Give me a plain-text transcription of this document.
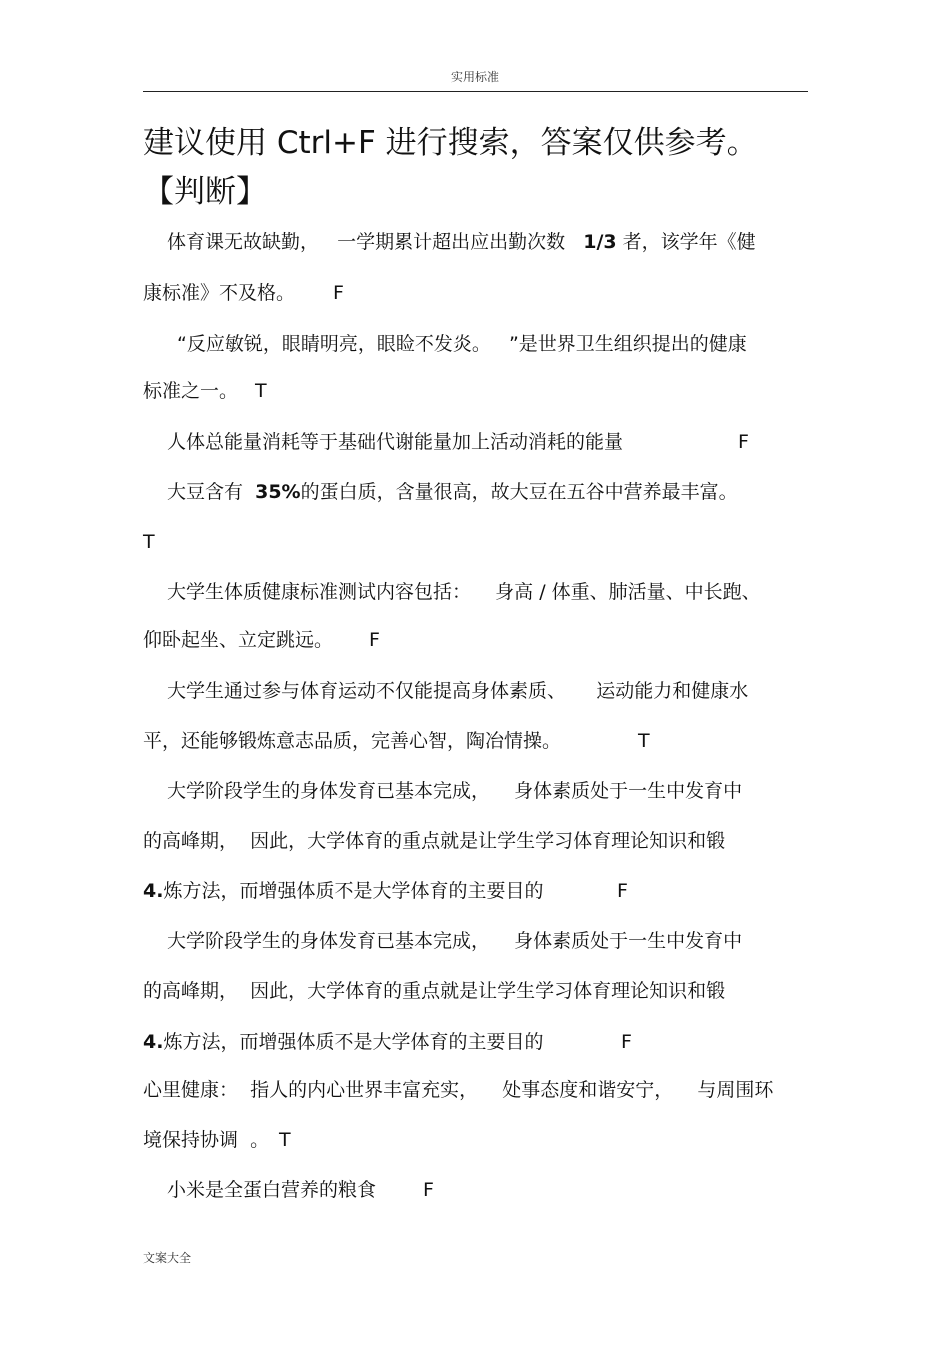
实用标准
建议使用 Ctrl+F 进行搜索，答案仅供参考。
【判断】
体育课无故缺勤，   一学期累计超出应出勤次数   1/3 者，该学年《健
康标准》不及格。 F
“反应敏锐，眼睛明亮，眼睑不发炎。   ”是世界卫生组织提出的健康
标准之一。 T
人体总能量消耗等于基础代谢能量加上活动消耗的能量	F
大豆含有  35%的蛋白质，含量很高，故大豆在五谷中营养最丰富。
T
大学生体质健康标准测试内容包括：    身高 / 体重、肺活量、中长跑、
仰卧起坐、立定跳远。 F
大学生通过参与体育运动不仅能提高身体素质、     运动能力和健康水
平，还能够锻炼意志品质，完善心智，陶冶情操。	T
大学阶段学生的身体发育已基本完成，    身体素质处于一生中发育中
的高峰期，  因此，大学体育的重点就是让学生学习体育理论知识和锻
4.炼方法，而增强体质不是大学体育的主要目的	F
大学阶段学生的身体发育已基本完成，    身体素质处于一生中发育中
的高峰期，  因此，大学体育的重点就是让学生学习体育理论知识和锻
4.炼方法，而增强体质不是大学体育的主要目的	F
心里健康：  指人的内心世界丰富充实，    处事态度和谐安宁，    与周围环
境保持协调  。 T
小米是全蛋白营养的粮食 F
文案大全
